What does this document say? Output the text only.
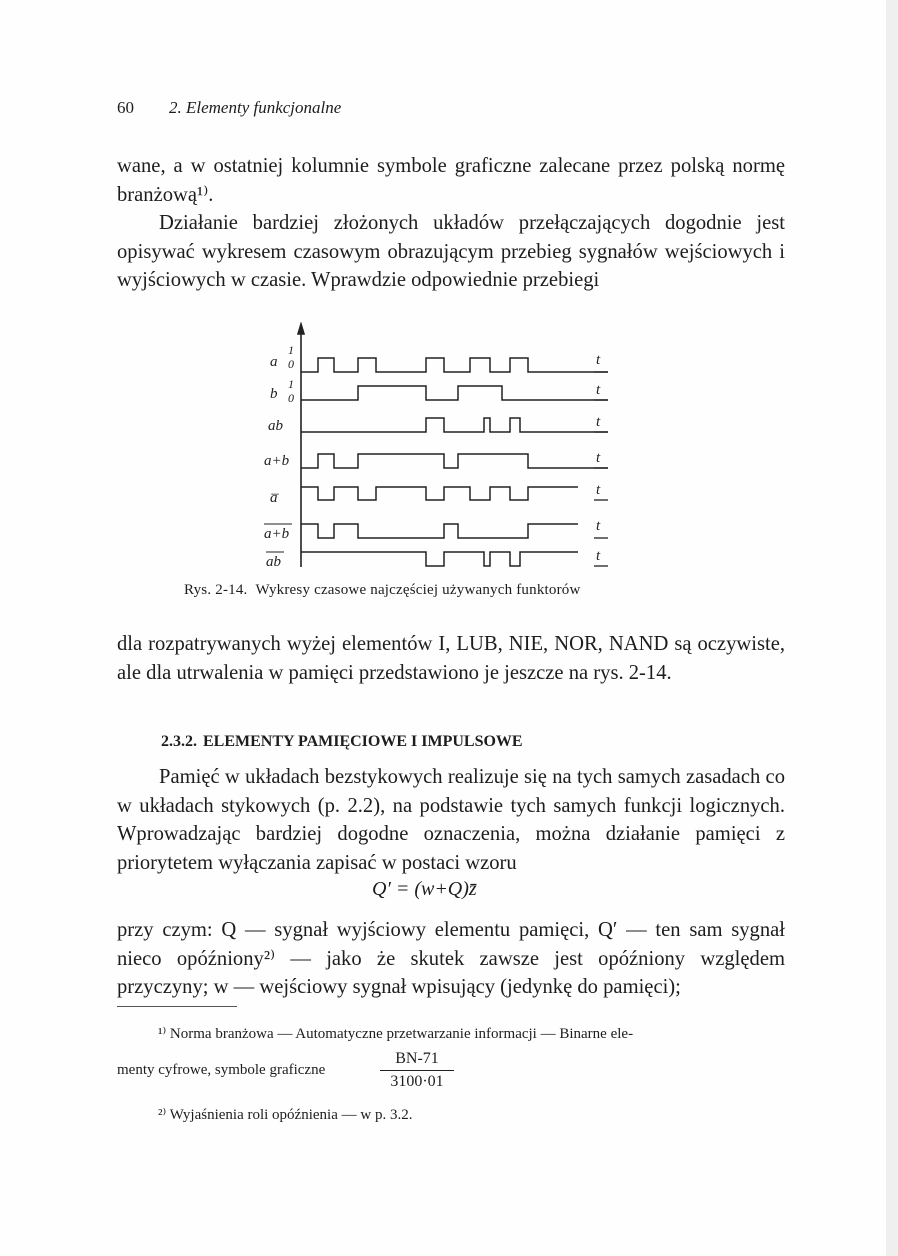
60 2. Elementy funkcjonalne

wane, a w ostatniej kolumnie symbole graficzne zalecane przez polską normę branżową¹⁾.

Działanie bardziej złożonych układów przełączających dogodnie jest opisywać wykresem czasowym obrazującym przebieg sygnałów wejściowych i wyjściowych w czasie. Wprawdzie odpowiednie przebiegi

a
1
0
b
1
0
ab
a+b
a̅
a+b
ab
t
t
t
t
t
t
t
Rys. 2-14. Wykresy czasowe najczęściej używanych funktorów

dla rozpatrywanych wyżej elementów I, LUB, NIE, NOR, NAND są oczywiste, ale dla utrwalenia w pamięci przedstawiono je jeszcze na rys. 2-14.

2.3.2. ELEMENTY PAMIĘCIOWE I IMPULSOWE

Pamięć w układach bezstykowych realizuje się na tych samych zasadach co w układach stykowych (p. 2.2), na podstawie tych samych funkcji logicznych. Wprowadzając bardziej dogodne oznaczenia, można działanie pamięci z priorytetem wyłączania zapisać w postaci wzoru

Q′ = (w+Q)z̄

przy czym: Q — sygnał wyjściowy elementu pamięci, Q′ — ten sam sygnał nieco opóźniony²⁾ — jako że skutek zawsze jest opóźniony względem przyczyny; w — wejściowy sygnał wpisujący (jedynkę do pamięci);

¹⁾ Norma branżowa — Automatyczne przetwarzanie informacji — Binarne ele-
menty cyfrowe, symbole graficzne
BN-71
3100·01
²⁾ Wyjaśnienia roli opóźnienia — w p. 3.2.
